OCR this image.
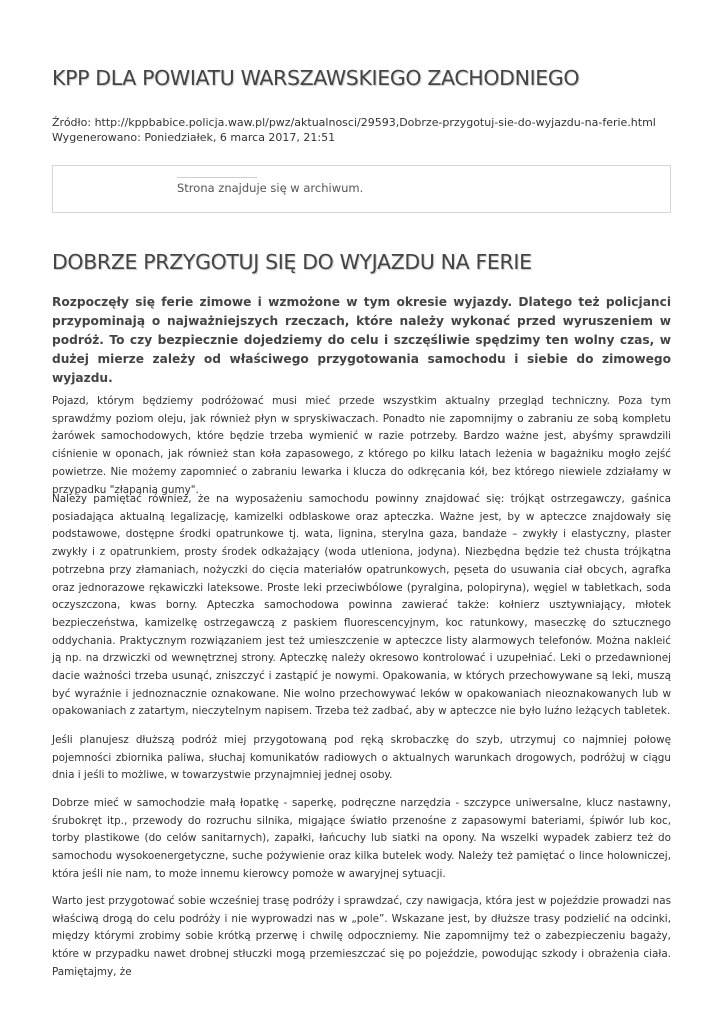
KPP DLA POWIATU WARSZAWSKIEGO ZACHODNIEGO
Źródło: http://kppbabice.policja.waw.pl/pwz/aktualnosci/29593,Dobrze-przygotuj-sie-do-wyjazdu-na-ferie.html
Wygenerowano: Poniedziałek, 6 marca 2017, 21:51
Strona znajduje się w archiwum.
DOBRZE PRZYGOTUJ SIĘ DO WYJAZDU NA FERIE

Rozpoczęły się ferie zimowe i wzmożone w tym okresie wyjazdy. Dlatego też policjanci przypominają o najważniejszych rzeczach, które należy wykonać przed wyruszeniem w podróż. To czy bezpiecznie dojedziemy do celu i szczęśliwie spędzimy ten wolny czas, w dużej mierze zależy od właściwego przygotowania samochodu i siebie do zimowego wyjazdu.

Pojazd, którym będziemy podróżować musi mieć przede wszystkim aktualny przegląd techniczny. Poza tym sprawdźmy poziom oleju, jak również płyn w spryskiwaczach. Ponadto nie zapomnijmy o zabraniu ze sobą kompletu żarówek samochodowych, które będzie trzeba wymienić w razie potrzeby. Bardzo ważne jest, abyśmy sprawdzili ciśnienie w oponach, jak również stan koła zapasowego, z którego po kilku latach leżenia w bagażniku mogło zejść powietrze. Nie możemy zapomnieć o zabraniu lewarka i klucza do odkręcania kół, bez którego niewiele zdziałamy w przypadku "złapania gumy".

Należy pamiętać również, że na wyposażeniu samochodu powinny znajdować się: trójkąt ostrzegawczy, gaśnica posiadająca aktualną legalizację, kamizelki odblaskowe oraz apteczka. Ważne jest, by w apteczce znajdowały się podstawowe, dostępne środki opatrunkowe tj. wata, lignina, sterylna gaza, bandaże – zwykły i elastyczny, plaster zwykły i z opatrunkiem, prosty środek odkażający (woda utleniona, jodyna). Niezbędna będzie też chusta trójkątna potrzebna przy złamaniach, nożyczki do cięcia materiałów opatrunkowych, pęseta do usuwania ciał obcych, agrafka oraz jednorazowe rękawiczki lateksowe. Proste leki przeciwbólowe (pyralgina, polopiryna), węgiel w tabletkach, soda oczyszczona, kwas borny. Apteczka samochodowa powinna zawierać także: kołnierz usztywniający, młotek bezpieczeństwa, kamizelkę ostrzegawczą z paskiem fluorescencyjnym, koc ratunkowy, maseczkę do sztucznego oddychania. Praktycznym rozwiązaniem jest też umieszczenie w apteczce listy alarmowych telefonów. Można nakleić ją np. na drzwiczki od wewnętrznej strony. Apteczkę należy okresowo kontrolować i uzupełniać. Leki o przedawnionej dacie ważności trzeba usunąć, zniszczyć i zastąpić je nowymi. Opakowania, w których przechowywane są leki, muszą być wyraźnie i jednoznacznie oznakowane. Nie wolno przechowywać leków w opakowaniach nieoznakowanych lub w opakowaniach z zatartym, nieczytelnym napisem. Trzeba też zadbać, aby w apteczce nie było luźno leżących tabletek.

Jeśli planujesz dłuższą podróż miej przygotowaną pod ręką skrobaczkę do szyb, utrzymuj co najmniej połowę pojemności zbiornika paliwa, słuchaj komunikatów radiowych o aktualnych warunkach drogowych, podróżuj w ciągu dnia i jeśli to możliwe, w towarzystwie przynajmniej jednej osoby.

Dobrze mieć w samochodzie małą łopatkę - saperkę, podręczne narzędzia - szczypce uniwersalne, klucz nastawny, śrubokręt itp., przewody do rozruchu silnika, migające światło przenośne z zapasowymi bateriami, śpiwór lub koc, torby plastikowe (do celów sanitarnych), zapałki, łańcuchy lub siatki na opony. Na wszelki wypadek zabierz też do samochodu wysokoenergetyczne, suche pożywienie oraz kilka butelek wody. Należy też pamiętać o lince holowniczej, która jeśli nie nam, to może innemu kierowcy pomoże w awaryjnej sytuacji.

Warto jest przygotować sobie wcześniej trasę podróży i sprawdzać, czy nawigacja, która jest w pojeździe prowadzi nas właściwą drogą do celu podróży i nie wyprowadzi nas w „pole”. Wskazane jest, by dłuższe trasy podzielić na odcinki, między którymi zrobimy sobie krótką przerwę i chwilę odpoczniemy. Nie zapomnijmy też o zabezpieczeniu bagaży, które w przypadku nawet drobnej stłuczki mogą przemieszczać się po pojeździe, powodując szkody i obrażenia ciała. Pamiętajmy, że
